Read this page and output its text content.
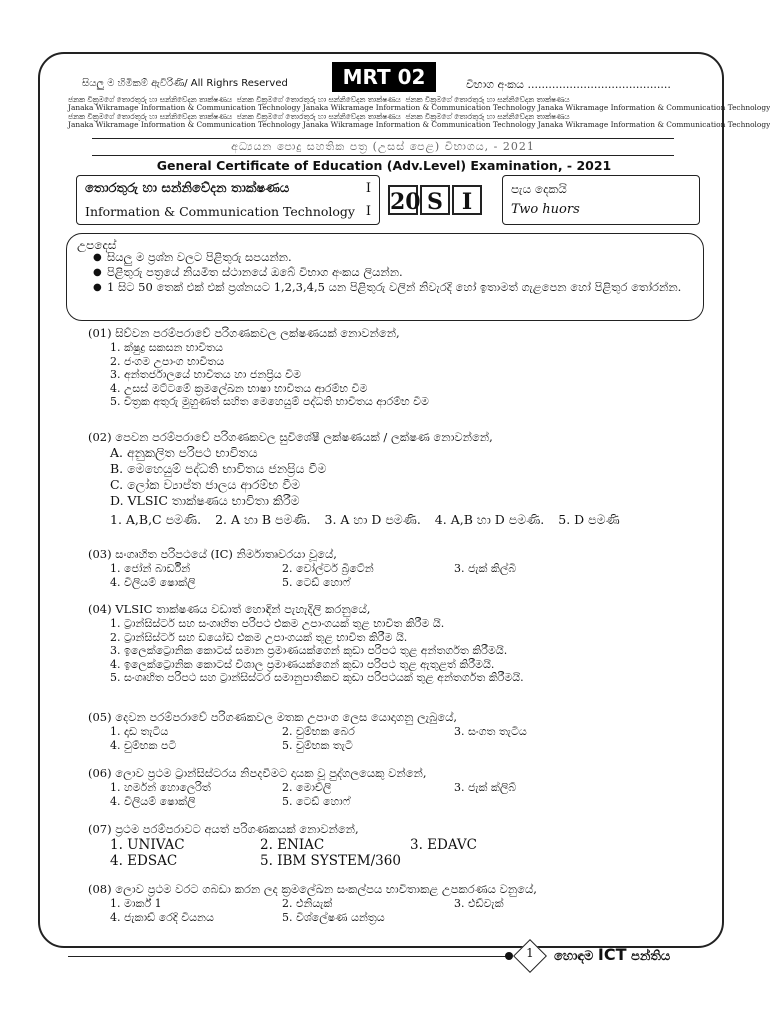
සියලු ම හිමිකම් ඇවිරිණි/ All Righrs Reserved	MRT 02	විභාග අංකය .........................................
ජනක වික්‍රමගේ තොරතුරු හා සන්නිවේදන තාක්ෂණය ජනක වික්‍රමගේ තොරතුරු හා සන්නිවේදන තාක්ෂණය ජනක වික්‍රමගේ තොරතුරු හා සන්නිවේදන තාක්ෂණය
Janaka Wikramage Information & Communication Technology Janaka Wikramage Information & Communication Technology Janaka Wikramage Information & Communication Technology
ජනක වික්‍රමගේ තොරතුරු හා සන්නිවේදන තාක්ෂණය ජනක වික්‍රමගේ තොරතුරු හා සන්නිවේදන තාක්ෂණය ජනක වික්‍රමගේ තොරතුරු හා සන්නිවේදන තාක්ෂණය
Janaka Wikramage Information & Communication Technology Janaka Wikramage Information & Communication Technology Janaka Wikramage Information & Communication Technology
අධ්‍යයන පොදු සහතික පත්‍ර (උසස් පෙළ) විභාගය, - 2021
General Certificate of Education (Adv.Level) Examination, - 2021
තොරතුරු හා සන්නිවේදන තාක්ෂණය	I
Information & Communication Technology I 20 S I	පැය දෙකයි
Two huors
උපදෙස්
● සියලු ම ප්‍රශ්න වලට පිළිතුරු සපයන්න.
● පිළිතුරු පත්‍රයේ නියමිත ස්ථානයේ ඔබේ විභාග අංකය ලියන්න.
● 1 සිට 50 තෙක් එක් එක් ප්‍රශ්නයට 1,2,3,4,5 යන පිළිතුරු වලින් නිවැරදි හෝ ඉතාමත් ගැළපෙන හෝ පිළිතුර තෝරන්න.
(01) සිව්වන පරම්පරාවේ පරිගණකවල ලක්ෂණයක් නොවන්නේ,
1. ක්ෂුද්‍ර සකසන භාවිතය
2. ජංගම උපාංග භාවිතය
3. අන්තර්ජාලයේ භාවිතය හා ජනප්‍රිය වීම
4. උසස් මට්ටමේ ක්‍රමලේඛන භාෂා භාවිතය ආරම්භ වීම
5. චිත්‍රක අතුරු මුහුණත් සහිත මෙහෙයුම් පද්ධති භාවිතය ආරම්භ වීම
(02) පෙවන පරම්පරාවේ පරිගණකවල සුවිශේෂී ලක්ෂණයක් / ලක්ෂණ නොවන්නේ,
A. අනුකලිත පරිපථ භාවිතය
B. මෙහෙයුම් පද්ධති භාවිතය ජනප්‍රිය වීම
C. ලෝක ව්‍යාප්ත ජාලය ආරම්භ වීම
D. VLSIC තාක්ෂණය භාවිතා කිරීම
1. A,B,C පමණි. 2. A හා B පමණි. 3. A හා D පමණි. 4. A,B හා D පමණි. 5. D පමණි
(03) සංගෘහිත පරිපථයේ (IC) නිර්මාතෘවරයා වූයේ,
1. ජෝන් බාර්ඩීන්	2. වෝල්ටර් බ්‍රිටේන්	3. ජැක් කිල්බි
4. විලියම් ෂොක්ලි	5. ටෙඩ් හොෆ්
(04) VLSIC තාක්ෂණය වඩාත් හොඳින් පැහැදිලි කරනුයේ,
1. ට්‍රාන්සිස්ටර් සහ සංගෘහිත පරිපථ එකම උපාංගයක් තුළ භාවිත කිරීම යි.
2. ට්‍රාන්සිස්ටර් සහ ඩයෝඩ එකම උපාංගයක් තුළ භාවිත කිරීම යි.
3. ඉලෙක්ට්‍රොනික කොටස් සමාන ප්‍රමාණයක්ගෙන් කුඩා පරිපථ තුළ අන්තර්ගත කිරීමයි.
4. ඉලෙක්ට්‍රොනික කොටස් විශාල ප්‍රමාණයක්ගෙන් කුඩා පරිපථ තුළ ඇතුළත් කිරීමයි.
5. සංගෘහිත පරිපථ සහ ට්‍රාන්සිස්ටර සමානුපාතිකව කුඩා පරිපථයක් තුළ අන්තර්ගත කිරීමයි.
(05) දෙවන පරම්පරාවේ පරිගණකවල මතක උපාංග ලෙස යොදාගනු ලැබුයේ,
1. දෘඩ තැටිය	2. චුම්භක බෙර	3. සංගත තැටිය
4. චුම්භක පටි	5. චුම්භක තැටි
(06) ලොව ප්‍රථම ට්‍රාන්සිස්ටරය නිපදවීමට දායක වූ පුද්ගලයෙකු වන්නේ,
1. හර්මන් හොලෙරිත්	2. මොච්ලි	3. ජැක් ක්ලිබ්
4. විලියම් ෂොක්ලි	5. ටෙඩ් හොෆ්
(07) ප්‍රථම පරම්පරාවට අයත් පරිගණකයක් නොවන්නේ,
1. UNIVAC	2. ENIAC	3. EDAVC
4. EDSAC	5. IBM SYSTEM/360
(08) ලොව ප්‍රථම වරට ගබඩා කරන ලද ක්‍රමලේඛන සංකල්පය භාවිතාකළ උපකරණය වනුයේ,
1. මාර්ක් 1	2. එනියැක්	3. එඩ්වැක්
4. ජැකාඩ් රෙදි වියනය	5. විශ්ලේෂණ යන්ත්‍රය
1	හොඳම ICT පන්තිය
